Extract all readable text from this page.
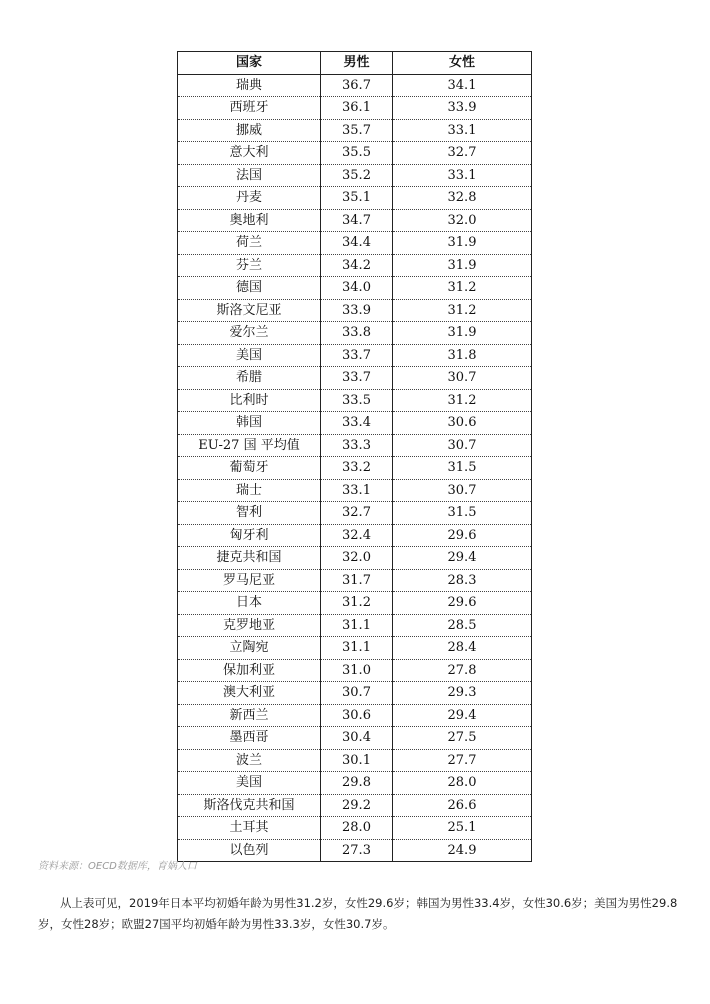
国家	男性	女性
瑞典	36.7	34.1
西班牙	36.1	33.9
挪威	35.7	33.1
意大利	35.5	32.7
法国	35.2	33.1
丹麦	35.1	32.8
奥地利	34.7	32.0
荷兰	34.4	31.9
芬兰	34.2	31.9
德国	34.0	31.2
斯洛文尼亚	33.9	31.2
爱尔兰	33.8	31.9
美国	33.7	31.8
希腊	33.7	30.7
比利时	33.5	31.2
韩国	33.4	30.6
EU-27 国 平均值	33.3	30.7
葡萄牙	33.2	31.5
瑞士	33.1	30.7
智利	32.7	31.5
匈牙利	32.4	29.6
捷克共和国	32.0	29.4
罗马尼亚	31.7	28.3
日本	31.2	29.6
克罗地亚	31.1	28.5
立陶宛	31.1	28.4
保加利亚	31.0	27.8
澳大利亚	30.7	29.3
新西兰	30.6	29.4
墨西哥	30.4	27.5
波兰	30.1	27.7
美国	29.8	28.0
斯洛伐克共和国	29.2	26.6
土耳其	28.0	25.1
以色列	27.3	24.9

资料来源：OECD数据库，育娲人口

从上表可见，2019年日本平均初婚年龄为男性31.2岁，女性29.6岁；韩国为男性33.4岁，女性30.6岁；美国为男性29.8岁，女性28岁；欧盟27国平均初婚年龄为男性33.3岁，女性30.7岁。
